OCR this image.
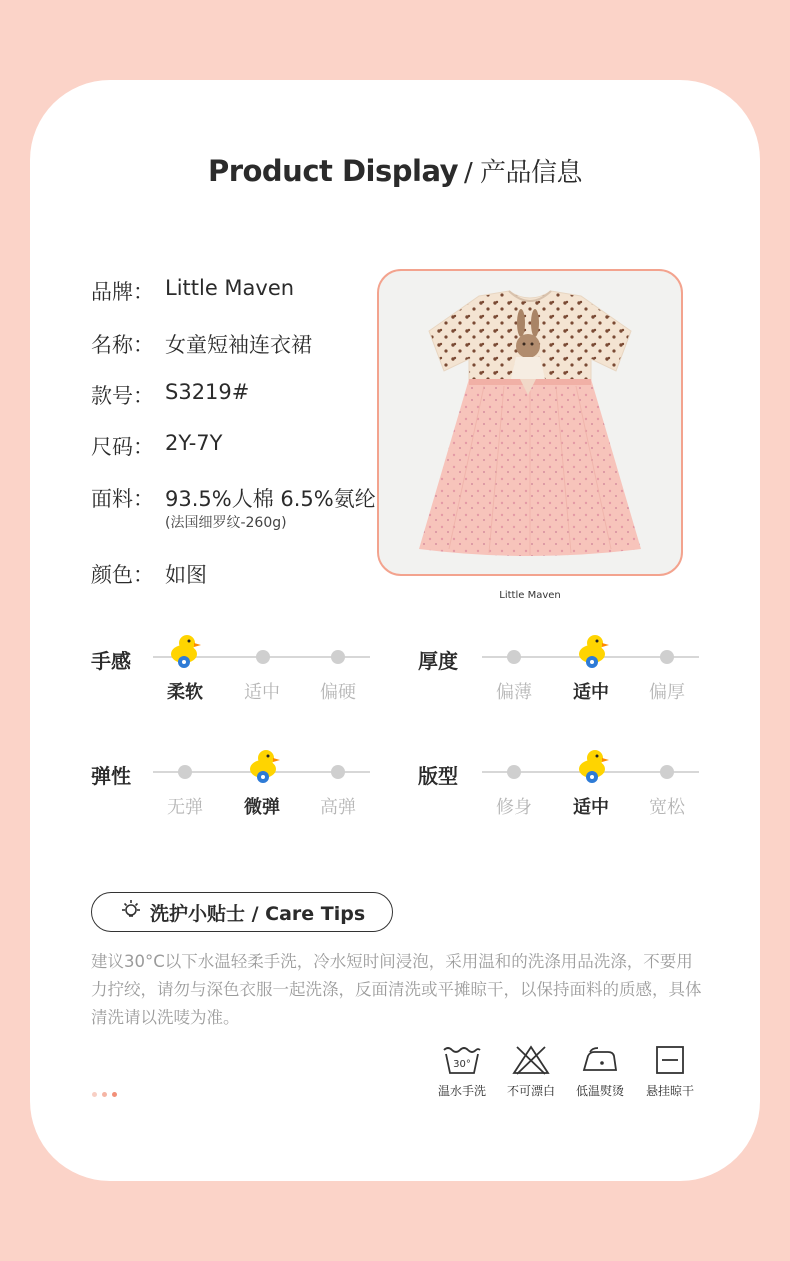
Product Display / 产品信息
品牌： Little Maven
名称： 女童短袖连衣裙
款号： S3219#
尺码： 2Y-7Y
面料： 93.5%人棉 6.5%氨纶
(法国细罗纹-260g)
颜色： 如图
Little Maven
手感
柔软	适中	偏硬
厚度
偏薄	适中	偏厚
弹性
无弹	微弹	高弹
版型
修身	适中	宽松
洗护小贴士 / Care Tips
建议30°C以下水温轻柔手洗，冷水短时间浸泡，采用温和的洗涤用品洗涤，不要用力拧绞，请勿与深色衣服一起洗涤，反面清洗或平摊晾干，以保持面料的质感，具体清洗请以洗唛为准。
30°
温水手洗	不可漂白	低温熨烫	悬挂晾干
